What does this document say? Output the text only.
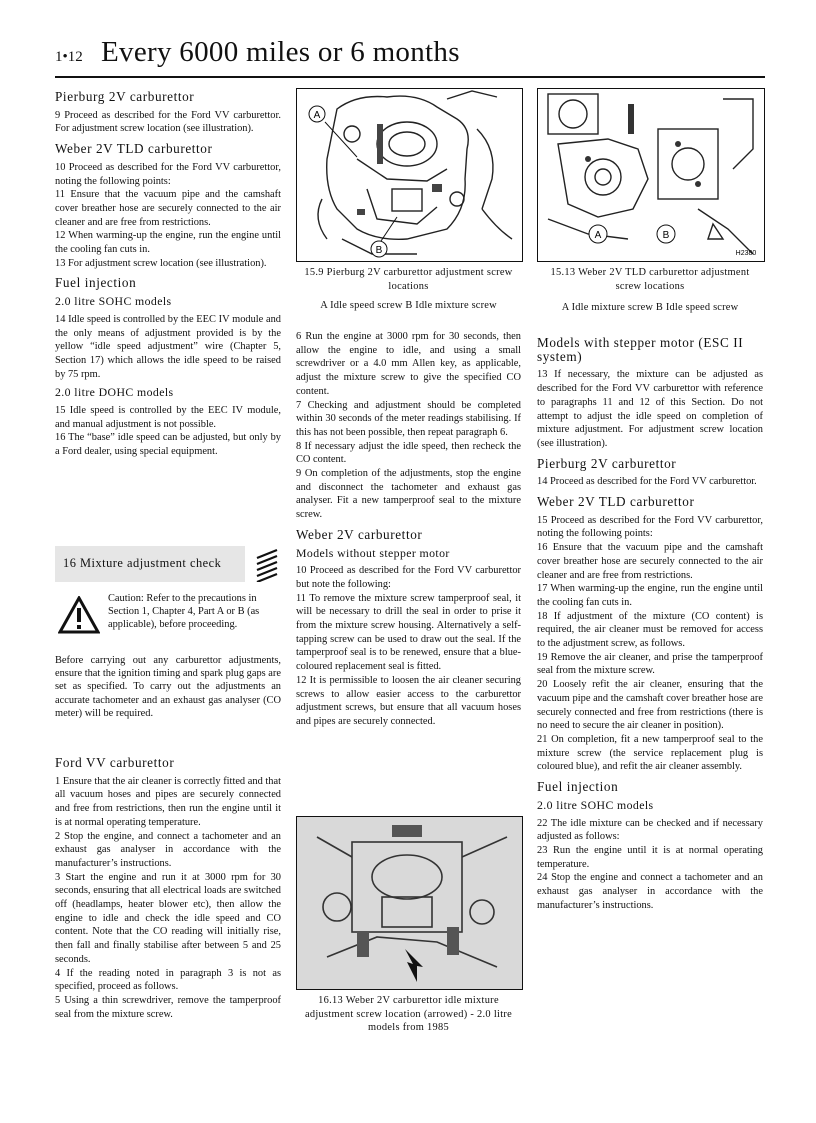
1•12 Every 6000 miles or 6 months
Pierburg 2V carburettor

9 Proceed as described for the Ford VV carburettor. For adjustment screw location (see illustration).

Weber 2V TLD carburettor

10 Proceed as described for the Ford VV carburettor, noting the following points:

11 Ensure that the vacuum pipe and the camshaft cover breather hose are securely connected to the air cleaner and are free from restrictions.

12 When warming-up the engine, run the engine until the cooling fan cuts in.

13 For adjustment screw location (see illustration).

Fuel injection
2.0 litre SOHC models

14 Idle speed is controlled by the EEC IV module and the only means of adjustment provided is by the yellow “idle speed adjustment” wire (Chapter 5, Section 17) which allows the idle speed to be raised by 75 rpm.

2.0 litre DOHC models

15 Idle speed is controlled by the EEC IV module, and manual adjustment is not possible.

16 The “base” idle speed can be adjusted, but only by a Ford dealer, using special equipment.

16 Mixture adjustment check
Caution: Refer to the precautions in Section 1, Chapter 4, Part A or B (as applicable), before proceeding.
Before carrying out any carburettor adjustments, ensure that the ignition timing and spark plug gaps are set as specified. To carry out the adjustments an accurate tachometer and an exhaust gas analyser (CO meter) will be required.
Ford VV carburettor

1 Ensure that the air cleaner is correctly fitted and that all vacuum hoses and pipes are securely connected and free from restrictions, then run the engine until it is at normal operating temperature.

2 Stop the engine, and connect a tachometer and an exhaust gas analyser in accordance with the manufacturer’s instructions.

3 Start the engine and run it at 3000 rpm for 30 seconds, ensuring that all electrical loads are switched off (headlamps, heater blower etc), then allow the engine to idle and check the idle speed and CO content. Note that the CO reading will initially rise, then fall and finally stabilise after between 5 and 25 seconds.

4 If the reading noted in paragraph 3 is not as specified, proceed as follows.

5 Using a thin screwdriver, remove the tamperproof seal from the mixture screw.

A
B
15.9 Pierburg 2V carburettor adjustment screw locations
A Idle speed screw B Idle mixture screw
A	B
H2380
15.13 Weber 2V TLD carburettor adjustment screw locations
A Idle mixture screw B Idle speed screw

6 Run the engine at 3000 rpm for 30 seconds, then allow the engine to idle, and using a small screwdriver or a 4.0 mm Allen key, as applicable, adjust the mixture screw to give the specified CO content.

7 Checking and adjustment should be completed within 30 seconds of the meter readings stabilising. If this has not been possible, then repeat paragraph 6.

8 If necessary adjust the idle speed, then recheck the CO content.

9 On completion of the adjustments, stop the engine and disconnect the tachometer and exhaust gas analyser. Fit a new tamperproof seal to the mixture screw.

Weber 2V carburettor
Models without stepper motor

10 Proceed as described for the Ford VV carburettor but note the following:

11 To remove the mixture screw tamperproof seal, it will be necessary to drill the seal in order to prise it from the mixture screw housing. Alternatively a self-tapping screw can be used to draw out the seal. If the tamperproof seal is to be renewed, ensure that a blue-coloured replacement seal is fitted.

12 It is permissible to loosen the air cleaner securing screws to allow easier access to the carburettor adjustment screws, but ensure that all vacuum hoses and pipes are securely connected.

16.13 Weber 2V carburettor idle mixture adjustment screw location (arrowed) - 2.0 litre models from 1985
Models with stepper motor (ESC II system)

13 If necessary, the mixture can be adjusted as described for the Ford VV carburettor with reference to paragraphs 11 and 12 of this Section. Do not attempt to adjust the idle speed on completion of mixture adjustment. For adjustment screw location (see illustration).

Pierburg 2V carburettor

14 Proceed as described for the Ford VV carburettor.

Weber 2V TLD carburettor

15 Proceed as described for the Ford VV carburettor, noting the following points:

16 Ensure that the vacuum pipe and the camshaft cover breather hose are securely connected to the air cleaner and are free from restrictions.

17 When warming-up the engine, run the engine until the cooling fan cuts in.

18 If adjustment of the mixture (CO content) is required, the air cleaner must be removed for access to the adjustment screw, as follows.

19 Remove the air cleaner, and prise the tamperproof seal from the mixture screw.

20 Loosely refit the air cleaner, ensuring that the vacuum pipe and the camshaft cover breather hose are securely connected and free from restrictions (there is no need to secure the air cleaner in position).

21 On completion, fit a new tamperproof seal to the mixture screw (the service replacement plug is coloured blue), and refit the air cleaner assembly.

Fuel injection
2.0 litre SOHC models

22 The idle mixture can be checked and if necessary adjusted as follows:

23 Run the engine until it is at normal operating temperature.

24 Stop the engine and connect a tachometer and an exhaust gas analyser in accordance with the manufacturer’s instructions.
